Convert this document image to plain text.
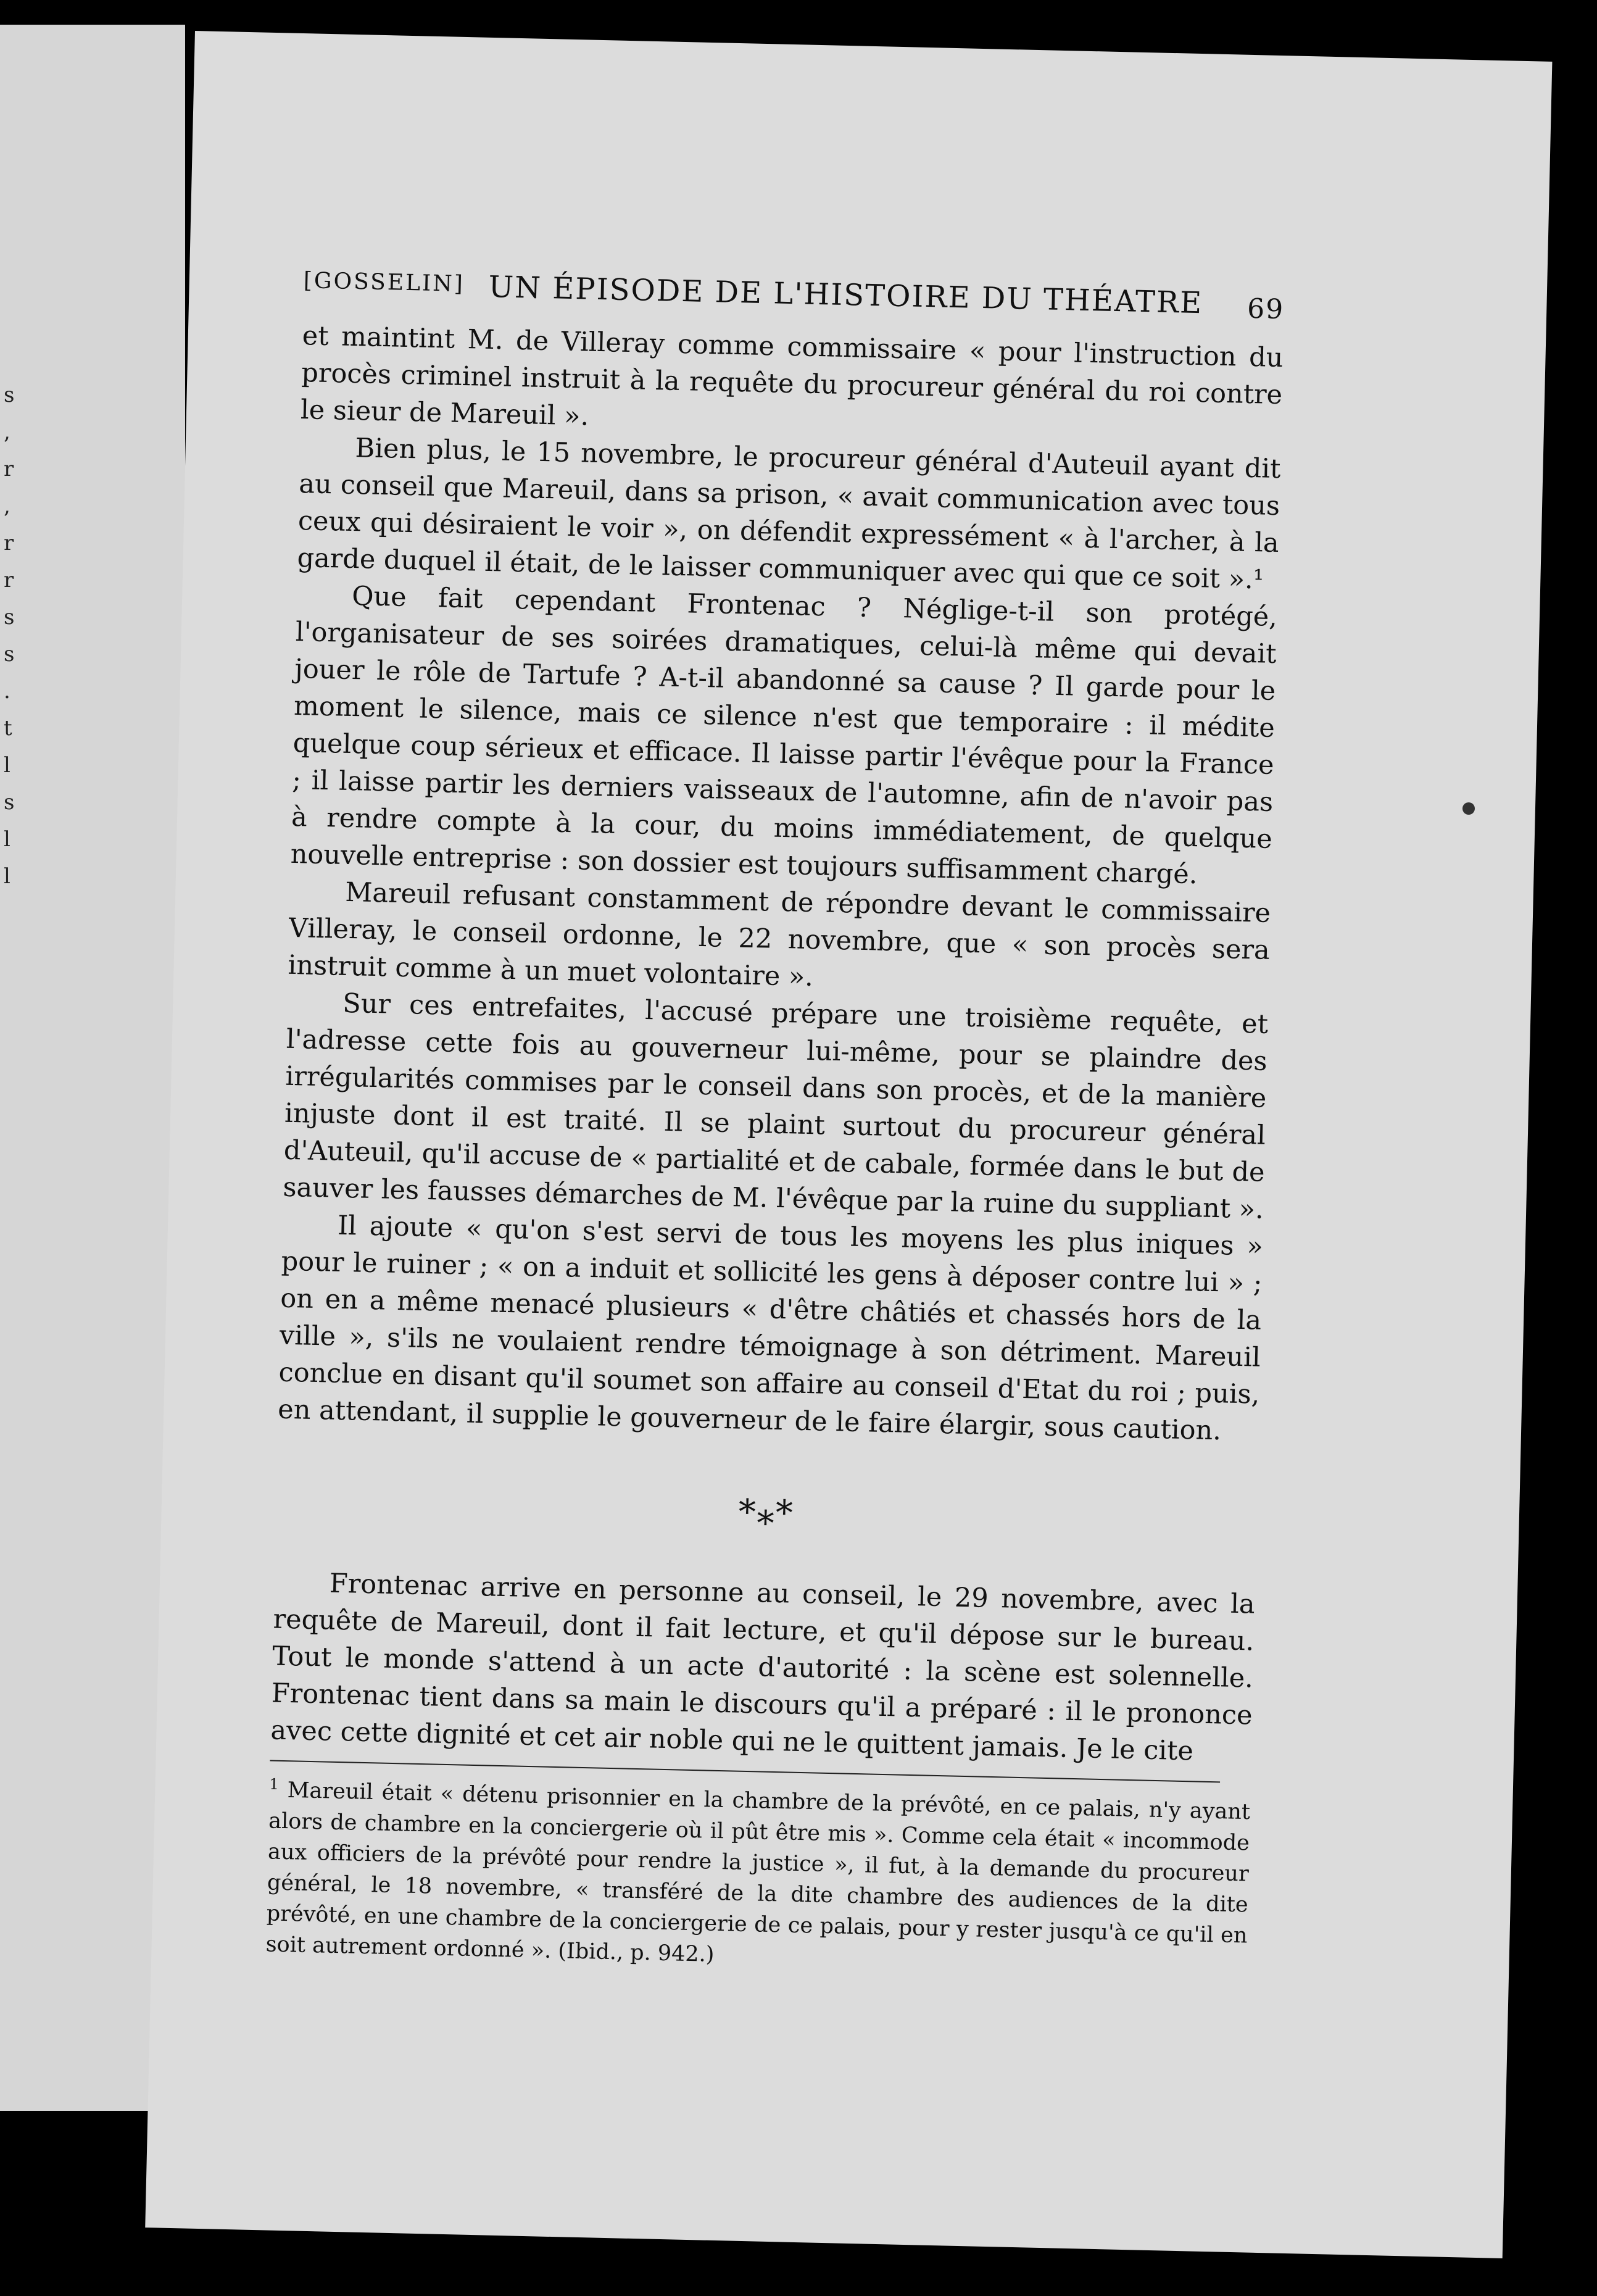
s
,
r
,
r
r
s
s
.
t
l
s
l
l
[GOSSELIN] UN ÉPISODE DE L'HISTOIRE DU THÉATRE 69

et maintint M. de Villeray comme commissaire « pour l'instruction du procès criminel instruit à la requête du procureur général du roi contre le sieur de Mareuil ».

Bien plus, le 15 novembre, le procureur général d'Auteuil ayant dit au conseil que Mareuil, dans sa prison, « avait communication avec tous ceux qui désiraient le voir », on défendit expressément « à l'archer, à la garde duquel il était, de le laisser communiquer avec qui que ce soit ».¹

Que fait cependant Frontenac ? Néglige-t-il son protégé, l'organisateur de ses soirées dramatiques, celui-là même qui devait jouer le rôle de Tartufe ? A-t-il abandonné sa cause ? Il garde pour le moment le silence, mais ce silence n'est que temporaire : il médite quelque coup sérieux et efficace. Il laisse partir l'évêque pour la France ; il laisse partir les derniers vaisseaux de l'automne, afin de n'avoir pas à rendre compte à la cour, du moins immédiatement, de quelque nouvelle entreprise : son dossier est toujours suffisamment chargé.

Mareuil refusant constamment de répondre devant le commissaire Villeray, le conseil ordonne, le 22 novembre, que « son procès sera instruit comme à un muet volontaire ».

Sur ces entrefaites, l'accusé prépare une troisième requête, et l'adresse cette fois au gouverneur lui-même, pour se plaindre des irrégularités commises par le conseil dans son procès, et de la manière injuste dont il est traité. Il se plaint surtout du procureur général d'Auteuil, qu'il accuse de « partialité et de cabale, formée dans le but de sauver les fausses démarches de M. l'évêque par la ruine du suppliant ».

Il ajoute « qu'on s'est servi de tous les moyens les plus iniques » pour le ruiner ; « on a induit et sollicité les gens à déposer contre lui » ; on en a même menacé plusieurs « d'être châtiés et chassés hors de la ville », s'ils ne voulaient rendre témoignage à son détriment. Mareuil conclue en disant qu'il soumet son affaire au conseil d'Etat du roi ; puis, en attendant, il supplie le gouverneur de le faire élargir, sous caution.

*⁎*

Frontenac arrive en personne au conseil, le 29 novembre, avec la requête de Mareuil, dont il fait lecture, et qu'il dépose sur le bureau. Tout le monde s'attend à un acte d'autorité : la scène est solennelle. Frontenac tient dans sa main le discours qu'il a préparé : il le prononce avec cette dignité et cet air noble qui ne le quittent jamais. Je le cite

$^1$ Mareuil était « détenu prisonnier en la chambre de la prévôté, en ce palais, n'y ayant alors de chambre en la conciergerie où il pût être mis ». Comme cela était « incommode aux officiers de la prévôté pour rendre la justice », il fut, à la demande du procureur général, le 18 novembre, « transféré de la dite chambre des audiences de la dite prévôté, en une chambre de la conciergerie de ce palais, pour y rester jusqu'à ce qu'il en soit autrement ordonné ». (Ibid., p. 942.)
